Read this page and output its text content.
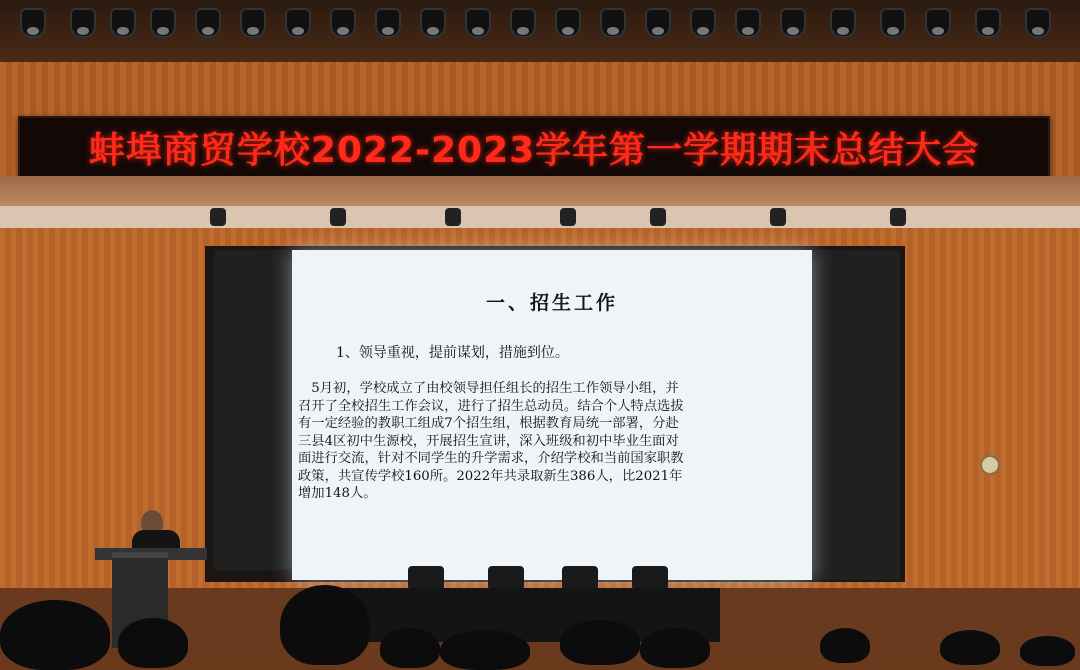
蚌埠商贸学校2022-2023学年第一学期期末总结大会
一、招生工作
1、领导重视，提前谋划，措施到位。
　5月初，学校成立了由校领导担任组长的招生工作领导小组，并
召开了全校招生工作会议，进行了招生总动员。结合个人特点选拔
有一定经验的教职工组成7个招生组，根据教育局统一部署，分赴
三县4区初中生源校，开展招生宣讲，深入班级和初中毕业生面对
面进行交流，针对不同学生的升学需求，介绍学校和当前国家职教
政策，共宣传学校160所。2022年共录取新生386人，比2021年
增加148人。
